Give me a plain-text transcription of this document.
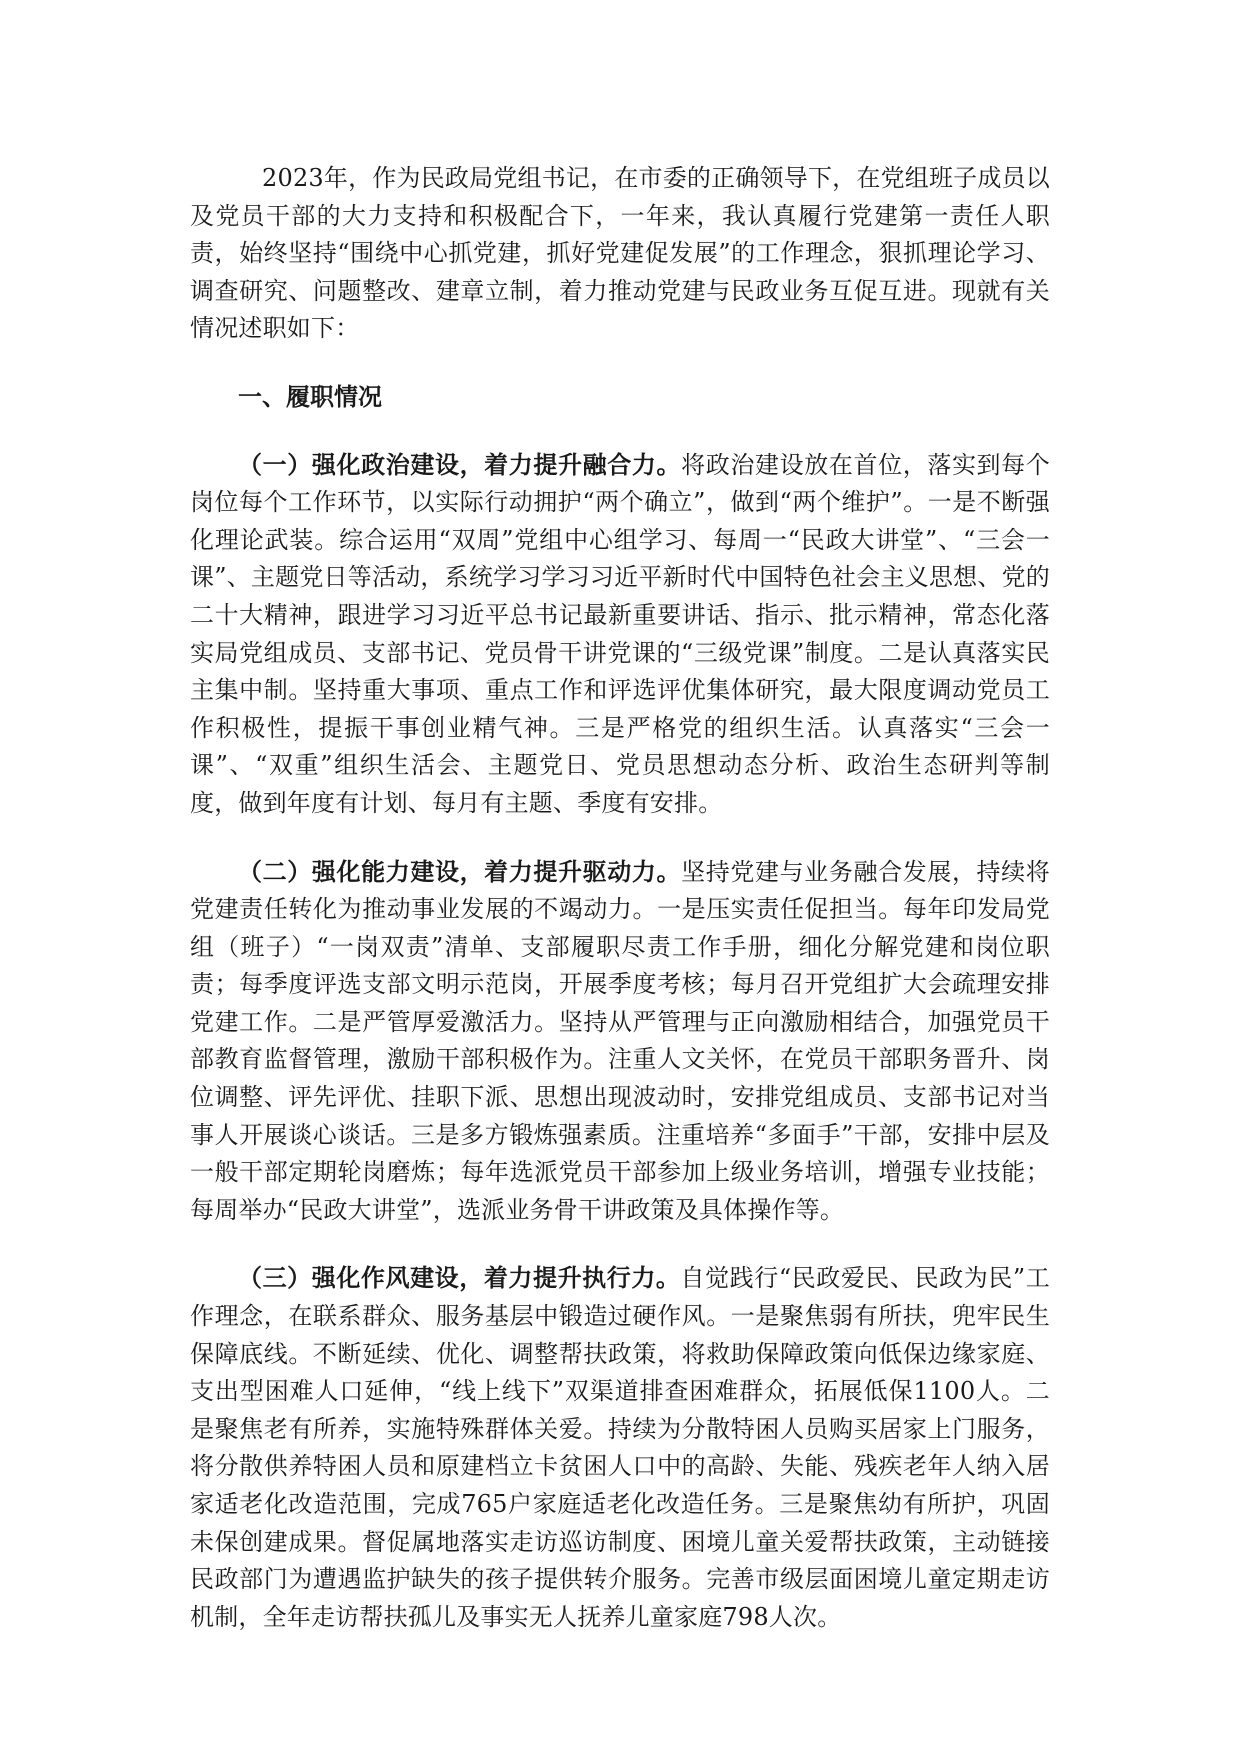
2023年，作为民政局党组书记，在市委的正确领导下，在党组班子成员以及党员干部的大力支持和积极配合下，一年来，我认真履行党建第一责任人职责，始终坚持“围绕中心抓党建，抓好党建促发展”的工作理念，狠抓理论学习、调查研究、问题整改、建章立制，着力推动党建与民政业务互促互进。现就有关情况述职如下：

一、履职情况

（一）强化政治建设，着力提升融合力。将政治建设放在首位，落实到每个岗位每个工作环节，以实际行动拥护“两个确立”，做到“两个维护”。一是不断强化理论武装。综合运用“双周”党组中心组学习、每周一“民政大讲堂”、“三会一课”、主题党日等活动，系统学习学习习近平新时代中国特色社会主义思想、党的二十大精神，跟进学习习近平总书记最新重要讲话、指示、批示精神，常态化落实局党组成员、支部书记、党员骨干讲党课的“三级党课”制度。二是认真落实民主集中制。坚持重大事项、重点工作和评选评优集体研究，最大限度调动党员工作积极性，提振干事创业精气神。三是严格党的组织生活。认真落实“三会一课”、“双重”组织生活会、主题党日、党员思想动态分析、政治生态研判等制度，做到年度有计划、每月有主题、季度有安排。

（二）强化能力建设，着力提升驱动力。坚持党建与业务融合发展，持续将党建责任转化为推动事业发展的不竭动力。一是压实责任促担当。每年印发局党组（班子）“一岗双责”清单、支部履职尽责工作手册，细化分解党建和岗位职责；每季度评选支部文明示范岗，开展季度考核；每月召开党组扩大会疏理安排党建工作。二是严管厚爱激活力。坚持从严管理与正向激励相结合，加强党员干部教育监督管理，激励干部积极作为。注重人文关怀，在党员干部职务晋升、岗位调整、评先评优、挂职下派、思想出现波动时，安排党组成员、支部书记对当事人开展谈心谈话。三是多方锻炼强素质。注重培养“多面手”干部，安排中层及一般干部定期轮岗磨炼；每年选派党员干部参加上级业务培训，增强专业技能；每周举办“民政大讲堂”，选派业务骨干讲政策及具体操作等。

（三）强化作风建设，着力提升执行力。自觉践行“民政爱民、民政为民”工作理念，在联系群众、服务基层中锻造过硬作风。一是聚焦弱有所扶，兜牢民生保障底线。不断延续、优化、调整帮扶政策，将救助保障政策向低保边缘家庭、支出型困难人口延伸，“线上线下”双渠道排查困难群众，拓展低保1100人。二是聚焦老有所养，实施特殊群体关爱。持续为分散特困人员购买居家上门服务，将分散供养特困人员和原建档立卡贫困人口中的高龄、失能、残疾老年人纳入居家适老化改造范围，完成765户家庭适老化改造任务。三是聚焦幼有所护，巩固未保创建成果。督促属地落实走访巡访制度、困境儿童关爱帮扶政策，主动链接民政部门为遭遇监护缺失的孩子提供转介服务。完善市级层面困境儿童定期走访机制，全年走访帮扶孤儿及事实无人抚养儿童家庭798人次。
